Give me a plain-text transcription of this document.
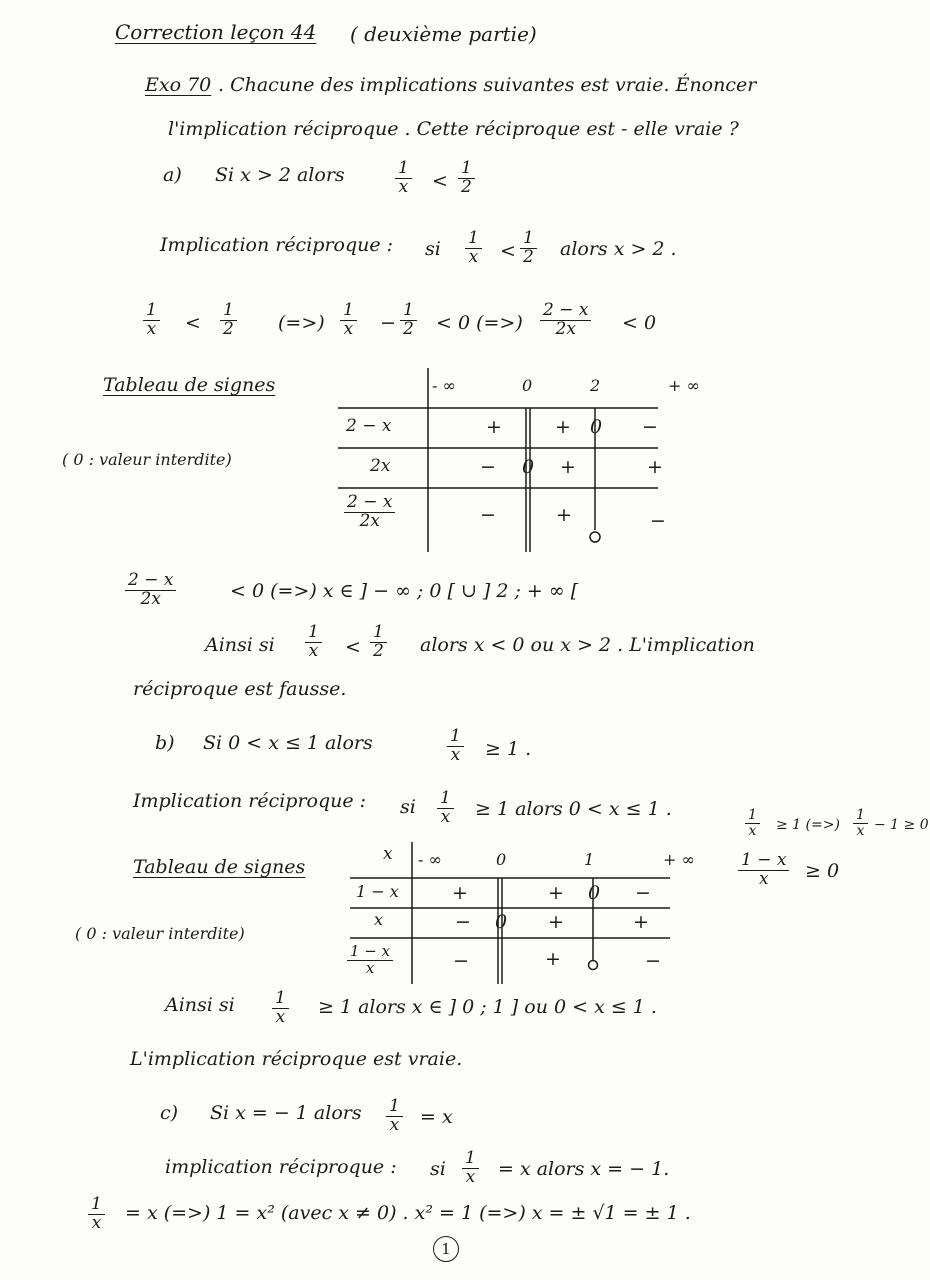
Correction leçon 44 ( deuxième partie)
Exo 70 . Chacune des implications suivantes est vraie. Énoncer
l'implication réciproque . Cette réciproque est - elle vraie ?
a) Si x > 2 alors	$\frac{1}{x} < \frac{1}{2}$
Implication réciproque : si $\frac{1}{x} < \frac{1}{2}$ alors x > 2 .
$\frac{1}{x} < \frac{1}{2}$ (=>) $\frac{1}{x} - \frac{1}{2} < 0$ (=>) $\frac{2 - x}{2x} < 0$
Tableau de signes
( 0 : valeur interdite)
- ∞	0	2	+ ∞
2 − x	+	+ 0 −
2x	− 0 +	+
$\frac{2 - x}{2x}$	−	+	−
$\frac{2 - x}{2x}$	< 0 (=>) x ∈ ] − ∞ ; 0 [ ∪ ] 2 ; + ∞ [
Ainsi si $\frac{1}{x} < \frac{1}{2}$ alors x < 0 ou x > 2 . L'implication
réciproque est fausse.
b) Si 0 < x ≤ 1 alors	$\frac{1}{x} \ge 1$ .
Implication réciproque : si $\frac{1}{x} \ge 1$ alors 0 < x ≤ 1 .	$\frac{1}{x} \ge 1$ (=>) $\frac{1}{x} - 1 \ge 0$
$\frac{1 - x}{x} \ge 0$
Tableau de signes
( 0 : valeur interdite)
x - ∞	0	1	+ ∞
1 − x	+	+ 0 −
x	− 0 +	+
$\frac{1 - x}{x}$	−	+	−
Ainsi si $\frac{1}{x} \ge 1$ alors x ∈ ] 0 ; 1 ] ou 0 < x ≤ 1 .
L'implication réciproque est vraie.
c) Si x = − 1 alors $\frac{1}{x} = x$
implication réciproque : si $\frac{1}{x} = x$ alors x = − 1.
$\frac{1}{x} = x$ (=>) 1 = x² (avec x ≠ 0) . x² = 1 (=>) x = ± √1 = ± 1 .
1
